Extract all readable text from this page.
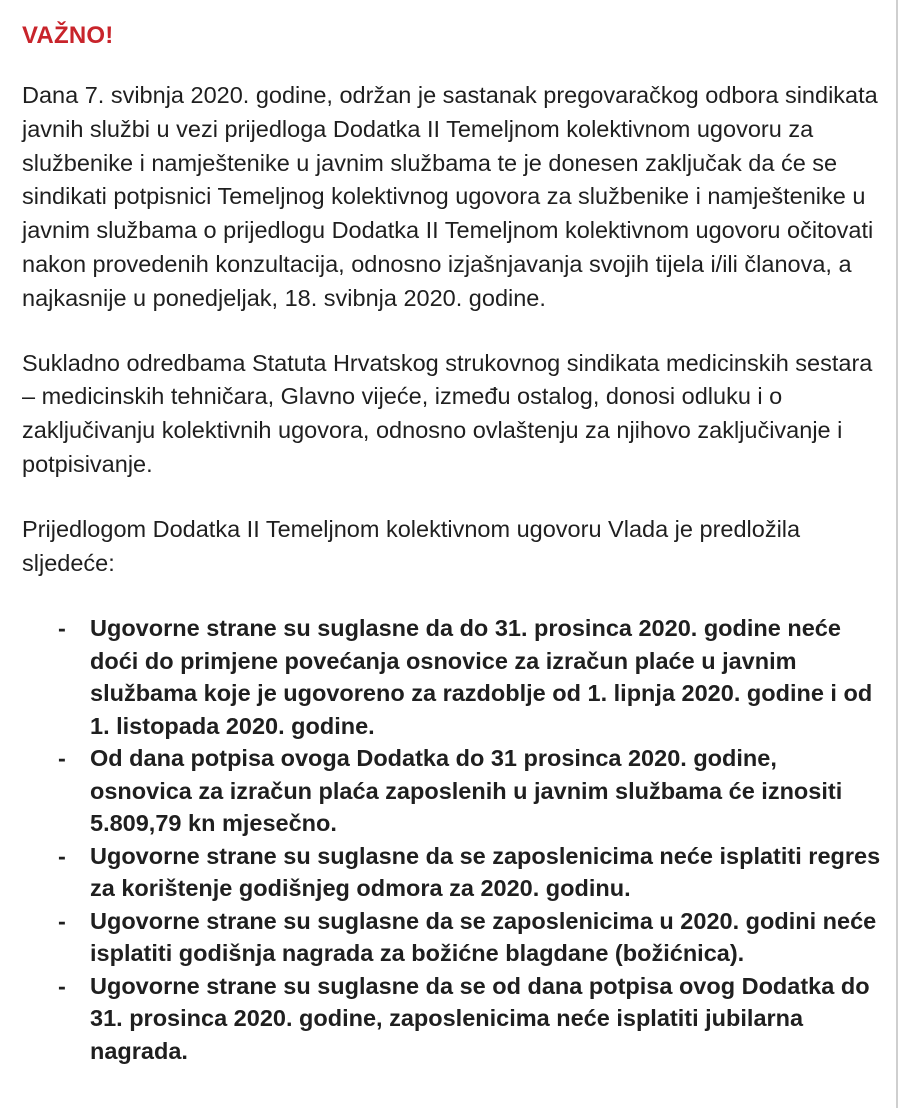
VAŽNO!

Dana 7. svibnja 2020. godine, održan je sastanak pregovaračkog odbora sindikata javnih službi u vezi prijedloga Dodatka II Temeljnom kolektivnom ugovoru za službenike i namještenike u javnim službama te je donesen zaključak da će se sindikati potpisnici Temeljnog kolektivnog ugovora za službenike i namještenike u javnim službama o prijedlogu Dodatka II Temeljnom kolektivnom ugovoru očitovati nakon provedenih konzultacija, odnosno izjašnjavanja svojih tijela i/ili članova, a najkasnije u ponedjeljak, 18. svibnja 2020. godine.

Sukladno odredbama Statuta Hrvatskog strukovnog sindikata medicinskih sestara – medicinskih tehničara, Glavno vijeće, između ostalog, donosi odluku i o zaključivanju kolektivnih ugovora, odnosno ovlaštenju za njihovo zaključivanje i potpisivanje.

Prijedlogom Dodatka II Temeljnom kolektivnom ugovoru Vlada je predložila sljedeće:

- Ugovorne strane su suglasne da do 31. prosinca 2020. godine neće doći do primjene povećanja osnovice za izračun plaće u javnim službama koje je ugovoreno za razdoblje od 1. lipnja 2020. godine i od 1. listopada 2020. godine.
- Od dana potpisa ovoga Dodatka do 31 prosinca 2020. godine, osnovica za izračun plaća zaposlenih u javnim službama će iznositi 5.809,79 kn mjesečno.
- Ugovorne strane su suglasne da se zaposlenicima neće isplatiti regres za korištenje godišnjeg odmora za 2020. godinu.
- Ugovorne strane su suglasne da se zaposlenicima u 2020. godini neće isplatiti godišnja nagrada za božićne blagdane (božićnica).
- Ugovorne strane su suglasne da se od dana potpisa ovog Dodatka do 31. prosinca 2020. godine, zaposlenicima neće isplatiti jubilarna nagrada.
